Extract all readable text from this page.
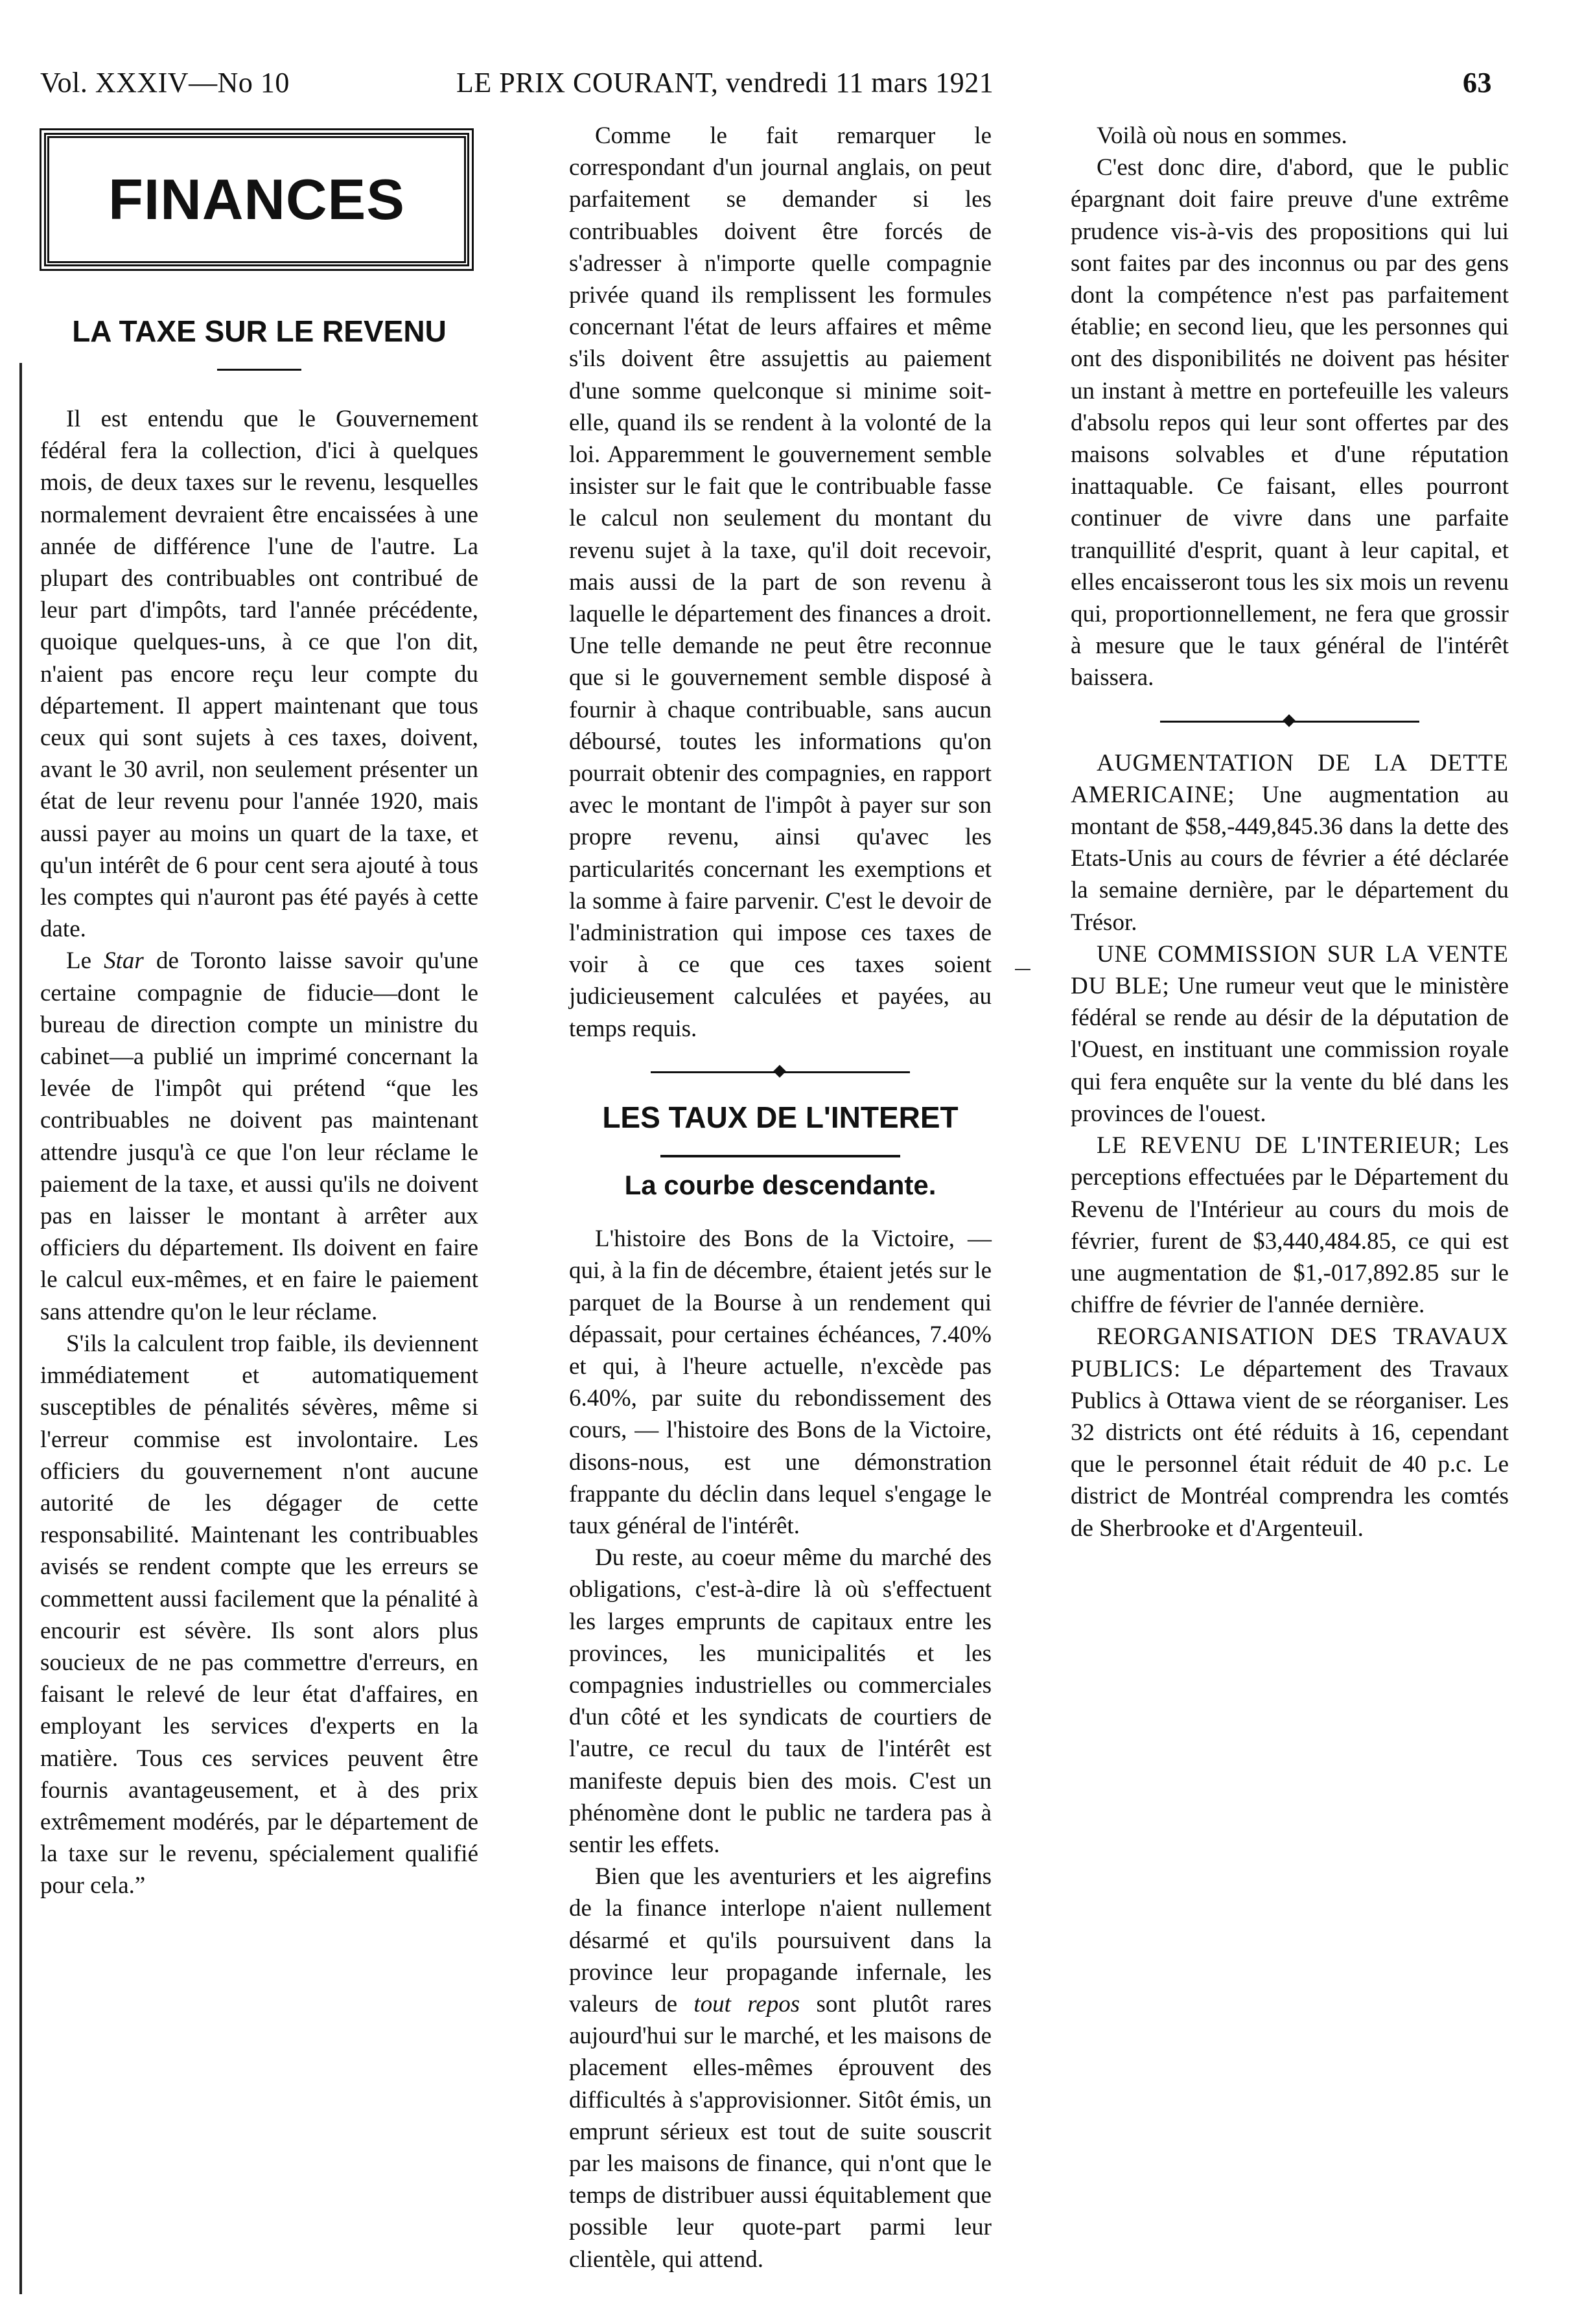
Vol. XXXIV—No 10	LE PRIX COURANT, vendredi 11 mars 1921	63
FINANCES
LA TAXE SUR LE REVENU

Il est entendu que le Gouvernement fédéral fera la collection, d'ici à quelques mois, de deux taxes sur le revenu, lesquelles normalement devraient être encaissées à une année de différence l'une de l'autre. La plupart des contribuables ont contribué de leur part d'impôts, tard l'année précédente, quoique quelques-uns, à ce que l'on dit, n'aient pas encore reçu leur compte du département. Il appert maintenant que tous ceux qui sont sujets à ces taxes, doivent, avant le 30 avril, non seulement présenter un état de leur revenu pour l'année 1920, mais aussi payer au moins un quart de la taxe, et qu'un intérêt de 6 pour cent sera ajouté à tous les comptes qui n'auront pas été payés à cette date.

Le Star de Toronto laisse savoir qu'une certaine compagnie de fiducie—dont le bureau de direction compte un ministre du cabinet—a publié un imprimé concernant la levée de l'impôt qui prétend “que les contribuables ne doivent pas maintenant attendre jusqu'à ce que l'on leur réclame le paiement de la taxe, et aussi qu'ils ne doivent pas en laisser le montant à arrêter aux officiers du département. Ils doivent en faire le calcul eux-mêmes, et en faire le paiement sans attendre qu'on le leur réclame.

S'ils la calculent trop faible, ils deviennent immédiatement et automatiquement susceptibles de pénalités sévères, même si l'erreur commise est involontaire. Les officiers du gouvernement n'ont aucune autorité de les dégager de cette responsabilité. Maintenant les contribuables avisés se rendent compte que les erreurs se commettent aussi facilement que la pénalité à encourir est sévère. Ils sont alors plus soucieux de ne pas commettre d'erreurs, en faisant le relevé de leur état d'affaires, en employant les services d'experts en la matière. Tous ces services peuvent être fournis avantageusement, et à des prix extrêmement modérés, par le département de la taxe sur le revenu, spécialement qualifié pour cela.”

Comme le fait remarquer le correspondant d'un journal anglais, on peut parfaitement se demander si les contribuables doivent être forcés de s'adresser à n'importe quelle compagnie privée quand ils remplissent les formules concernant l'état de leurs affaires et même s'ils doivent être assujettis au paiement d'une somme quelconque si minime soit-elle, quand ils se rendent à la volonté de la loi. Apparemment le gouvernement semble insister sur le fait que le contribuable fasse le calcul non seulement du montant du revenu sujet à la taxe, qu'il doit recevoir, mais aussi de la part de son revenu à laquelle le département des finances a droit. Une telle demande ne peut être reconnue que si le gouvernement semble disposé à fournir à chaque contribuable, sans aucun déboursé, toutes les informations qu'on pourrait obtenir des compagnies, en rapport avec le montant de l'impôt à payer sur son propre revenu, ainsi qu'avec les particularités concernant les exemptions et la somme à faire parvenir. C'est le devoir de l'administration qui impose ces taxes de voir à ce que ces taxes soient judicieusement calculées et payées, au temps requis.

LES TAUX DE L'INTERET
La courbe descendante.

L'histoire des Bons de la Victoire, — qui, à la fin de décembre, étaient jetés sur le parquet de la Bourse à un rendement qui dépassait, pour certaines échéances, 7.40% et qui, à l'heure actuelle, n'excède pas 6.40%, par suite du rebondissement des cours, — l'histoire des Bons de la Victoire, disons-nous, est une démonstration frappante du déclin dans lequel s'engage le taux général de l'intérêt.

Du reste, au coeur même du marché des obligations, c'est-à-dire là où s'effectuent les larges emprunts de capitaux entre les provinces, les municipalités et les compagnies industrielles ou commerciales d'un côté et les syndicats de courtiers de l'autre, ce recul du taux de l'intérêt est manifeste depuis bien des mois. C'est un phénomène dont le public ne tardera pas à sentir les effets.

Bien que les aventuriers et les aigrefins de la finance interlope n'aient nullement désarmé et qu'ils poursuivent dans la province leur propagande infernale, les valeurs de tout repos sont plutôt rares aujourd'hui sur le marché, et les maisons de placement elles-mêmes éprouvent des difficultés à s'approvisionner. Sitôt émis, un emprunt sérieux est tout de suite souscrit par les maisons de finance, qui n'ont que le temps de distribuer aussi équitablement que possible leur quote-part parmi leur clientèle, qui attend.

Voilà où nous en sommes.

C'est donc dire, d'abord, que le public épargnant doit faire preuve d'une extrême prudence vis-à-vis des propositions qui lui sont faites par des inconnus ou par des gens dont la compétence n'est pas parfaitement établie; en second lieu, que les personnes qui ont des disponibilités ne doivent pas hésiter un instant à mettre en portefeuille les valeurs d'absolu repos qui leur sont offertes par des maisons solvables et d'une réputation inattaquable. Ce faisant, elles pourront continuer de vivre dans une parfaite tranquillité d'esprit, quant à leur capital, et elles encaisseront tous les six mois un revenu qui, proportionnellement, ne fera que grossir à mesure que le taux général de l'intérêt baissera.

AUGMENTATION DE LA DETTE AMERICAINE; Une augmentation au montant de $58,-449,845.36 dans la dette des Etats-Unis au cours de février a été déclarée la semaine dernière, par le département du Trésor.

UNE COMMISSION SUR LA VENTE DU BLE; Une rumeur veut que le ministère fédéral se rende au désir de la députation de l'Ouest, en instituant une commission royale qui fera enquête sur la vente du blé dans les provinces de l'ouest.

LE REVENU DE L'INTERIEUR; Les perceptions effectuées par le Département du Revenu de l'Intérieur au cours du mois de février, furent de $3,440,484.85, ce qui est une augmentation de $1,-017,892.85 sur le chiffre de février de l'année dernière.

REORGANISATION DES TRAVAUX PUBLICS: Le département des Travaux Publics à Ottawa vient de se réorganiser. Les 32 districts ont été réduits à 16, cependant que le personnel était réduit de 40 p.c. Le district de Montréal comprendra les comtés de Sherbrooke et d'Argenteuil.
